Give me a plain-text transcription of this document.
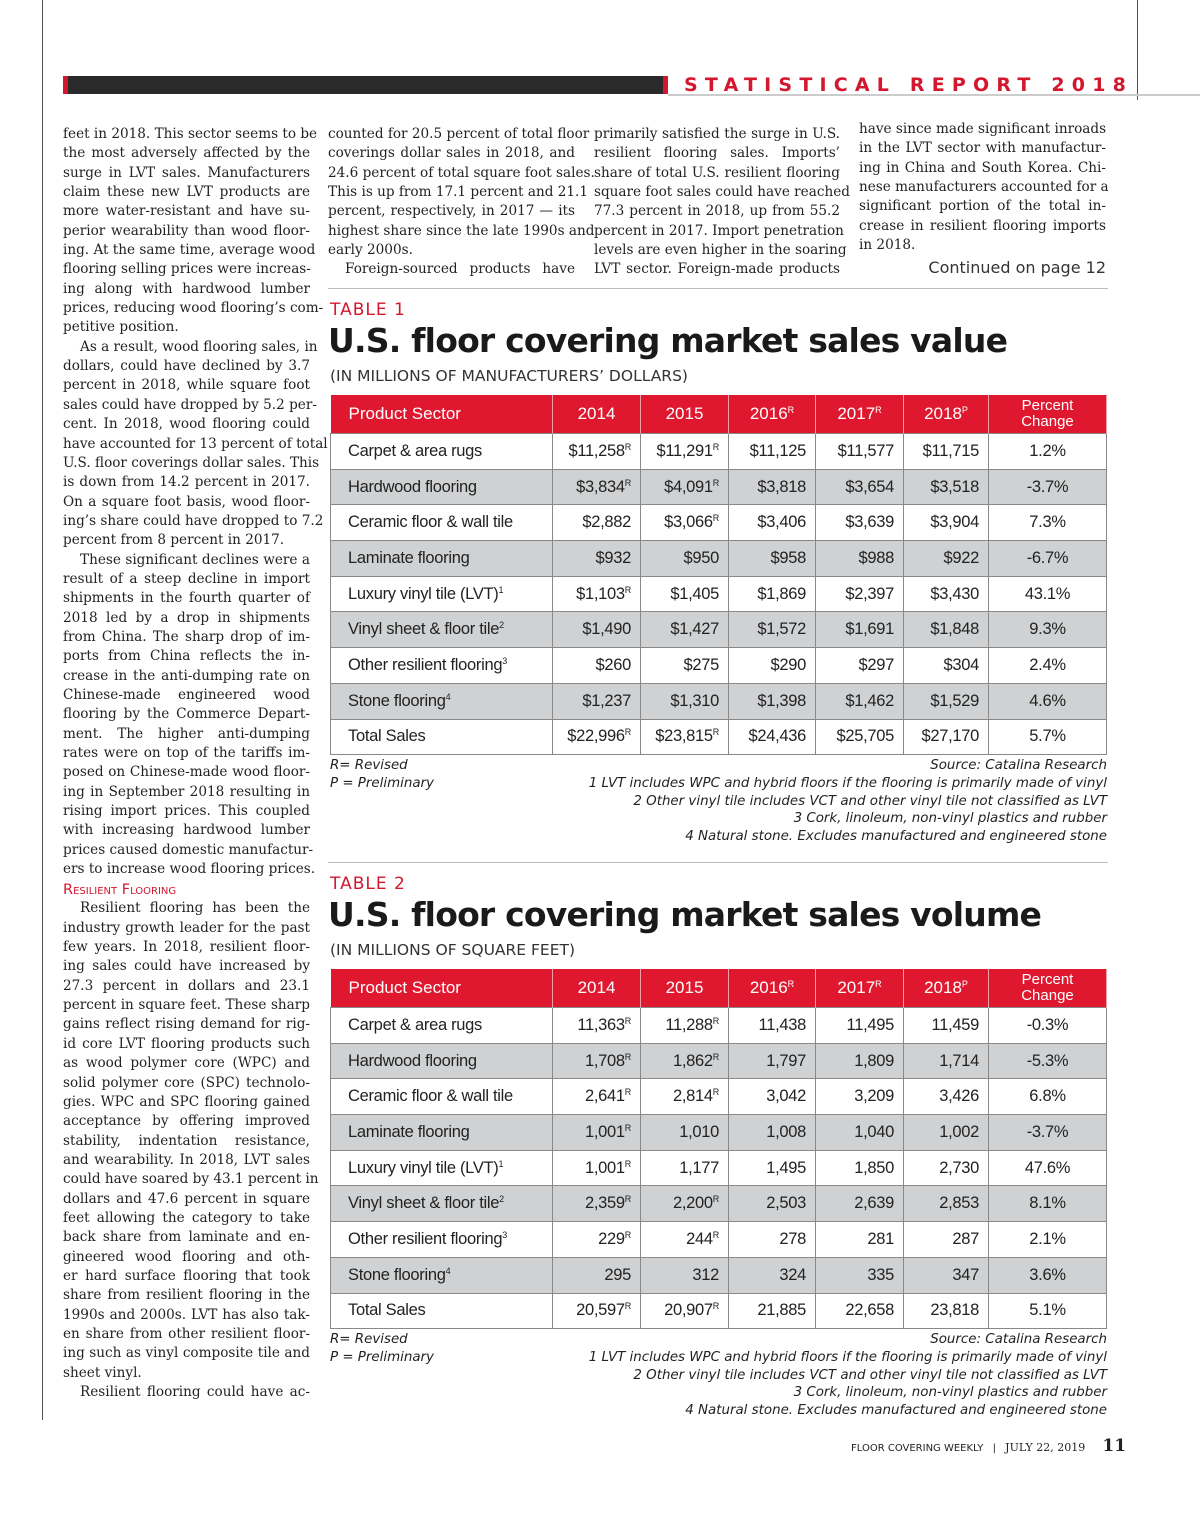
STATISTICAL REPORT 2018
feet in 2018. This sector seems to be
the most adversely affected by the
surge in LVT sales. Manufacturers
claim these new LVT products are
more water-resistant and have su-
perior wearability than wood floor-
ing. At the same time, average wood
flooring selling prices were increas-
ing along with hardwood lumber
prices, reducing wood flooring’s com-
petitive position.
As a result, wood flooring sales, in
dollars, could have declined by 3.7
percent in 2018, while square foot
sales could have dropped by 5.2 per-
cent. In 2018, wood flooring could
have accounted for 13 percent of total
U.S. floor coverings dollar sales. This
is down from 14.2 percent in 2017.
On a square foot basis, wood floor-
ing’s share could have dropped to 7.2
percent from 8 percent in 2017.
These significant declines were a
result of a steep decline in import
shipments in the fourth quarter of
2018 led by a drop in shipments
from China. The sharp drop of im-
ports from China reflects the in-
crease in the anti-dumping rate on
Chinese-made engineered wood
flooring by the Commerce Depart-
ment. The higher anti-dumping
rates were on top of the tariffs im-
posed on Chinese-made wood floor-
ing in September 2018 resulting in
rising import prices. This coupled
with increasing hardwood lumber
prices caused domestic manufactur-
ers to increase wood flooring prices.
Resilient Flooring
Resilient flooring has been the
industry growth leader for the past
few years. In 2018, resilient floor-
ing sales could have increased by
27.3 percent in dollars and 23.1
percent in square feet. These sharp
gains reflect rising demand for rig-
id core LVT flooring products such
as wood polymer core (WPC) and
solid polymer core (SPC) technolo-
gies. WPC and SPC flooring gained
acceptance by offering improved
stability, indentation resistance,
and wearability. In 2018, LVT sales
could have soared by 43.1 percent in
dollars and 47.6 percent in square
feet allowing the category to take
back share from laminate and en-
gineered wood flooring and oth-
er hard surface flooring that took
share from resilient flooring in the
1990s and 2000s. LVT has also tak-
en share from other resilient floor-
ing such as vinyl composite tile and
sheet vinyl.
Resilient flooring could have ac-
counted for 20.5 percent of total floor
coverings dollar sales in 2018, and
24.6 percent of total square foot sales.
This is up from 17.1 percent and 21.1
percent, respectively, in 2017 — its
highest share since the late 1990s and
early 2000s.
Foreign-sourced products have
primarily satisfied the surge in U.S.
resilient flooring sales. Imports’
share of total U.S. resilient flooring
square foot sales could have reached
77.3 percent in 2018, up from 55.2
percent in 2017. Import penetration
levels are even higher in the soaring
LVT sector. Foreign-made products
have since made significant inroads
in the LVT sector with manufactur-
ing in China and South Korea. Chi-
nese manufacturers accounted for a
significant portion of the total in-
crease in resilient flooring imports
in 2018.
Continued on page 12
TABLE 1
U.S. floor covering market sales value
(IN MILLIONS OF MANUFACTURERS’ DOLLARS)
Product Sector	2014	2015	$2016^R$	$2017^R$	$2018^P$	Percent Change
Carpet & area rugs	$\$11,258^R$	$\$11,291^R$	$11,125	$11,577	$11,715	1.2%
Hardwood flooring	$\$3,834^R$	$\$4,091^R$	$3,818	$3,654	$3,518	-3.7%
Ceramic floor & wall tile	$2,882	$\$3,066^R$	$3,406	$3,639	$3,904	7.3%
Laminate flooring	$932	$950	$958	$988	$922	-6.7%
Luxury vinyl tile (LVT)$^1$	$\$1,103^R$	$1,405	$1,869	$2,397	$3,430	43.1%
Vinyl sheet & floor tile$^2$	$1,490	$1,427	$1,572	$1,691	$1,848	9.3%
Other resilient flooring$^3$	$260	$275	$290	$297	$304	2.4%
Stone flooring$^4$	$1,237	$1,310	$1,398	$1,462	$1,529	4.6%
Total Sales	$\$22,996^R$	$\$23,815^R$	$24,436	$25,705	$27,170	5.7%
R= Revised
P = Preliminary
Source: Catalina Research
1 LVT includes WPC and hybrid floors if the flooring is primarily made of vinyl
2 Other vinyl tile includes VCT and other vinyl tile not classified as LVT
3 Cork, linoleum, non-vinyl plastics and rubber
4 Natural stone. Excludes manufactured and engineered stone
TABLE 2
U.S. floor covering market sales volume
(IN MILLIONS OF SQUARE FEET)
Product Sector	2014	2015	$2016^R$	$2017^R$	$2018^P$	Percent Change
Carpet & area rugs	$11,363^R$	$11,288^R$	11,438	11,495	11,459	-0.3%
Hardwood flooring	$1,708^R$	$1,862^R$	1,797	1,809	1,714	-5.3%
Ceramic floor & wall tile	$2,641^R$	$2,814^R$	3,042	3,209	3,426	6.8%
Laminate flooring	$1,001^R$	1,010	1,008	1,040	1,002	-3.7%
Luxury vinyl tile (LVT)$^1$	$1,001^R$	1,177	1,495	1,850	2,730	47.6%
Vinyl sheet & floor tile$^2$	$2,359^R$	$2,200^R$	2,503	2,639	2,853	8.1%
Other resilient flooring$^3$	$229^R$	$244^R$	278	281	287	2.1%
Stone flooring$^4$	295	312	324	335	347	3.6%
Total Sales	$20,597^R$	$20,907^R$	21,885	22,658	23,818	5.1%
R= Revised
P = Preliminary
Source: Catalina Research
1 LVT includes WPC and hybrid floors if the flooring is primarily made of vinyl
2 Other vinyl tile includes VCT and other vinyl tile not classified as LVT
3 Cork, linoleum, non-vinyl plastics and rubber
4 Natural stone. Excludes manufactured and engineered stone
FLOOR COVERING WEEKLY | JULY 22, 2019 11
